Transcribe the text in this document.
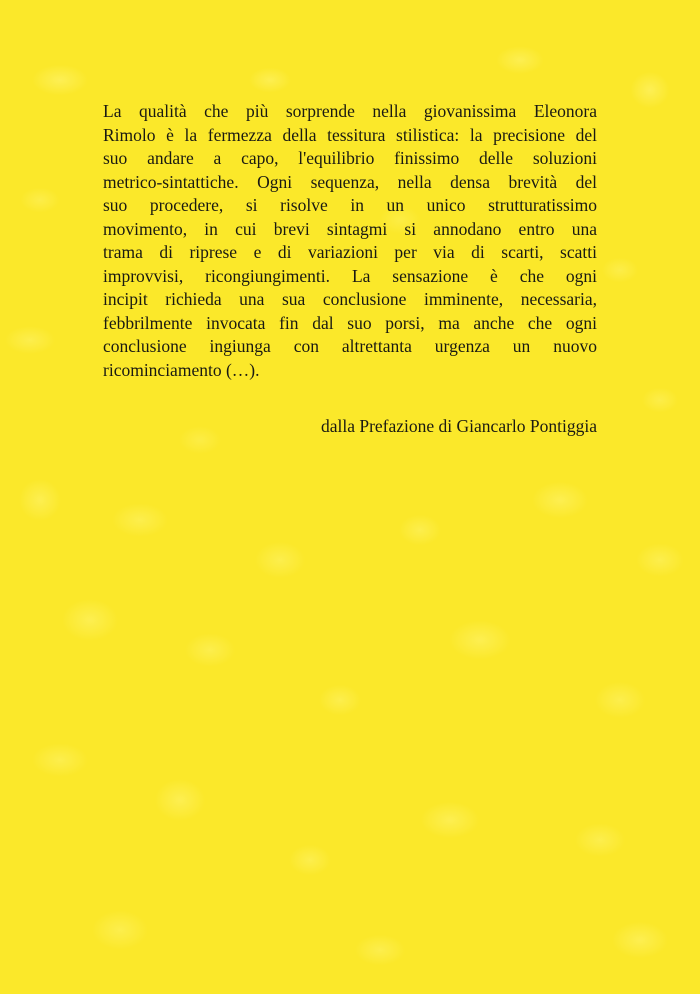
La qualità che più sorprende nella giovanissima Eleonora
Rimolo è la fermezza della tessitura stilistica: la precisione del
suo andare a capo, l'equilibrio finissimo delle soluzioni
metrico-sintattiche. Ogni sequenza, nella densa brevità del
suo procedere, si risolve in un unico strutturatissimo
movimento, in cui brevi sintagmi si annodano entro una
trama di riprese e di variazioni per via di scarti, scatti
improvvisi, ricongiungimenti. La sensazione è che ogni
incipit richieda una sua conclusione imminente, necessaria,
febbrilmente invocata fin dal suo porsi, ma anche che ogni
conclusione ingiunga con altrettanta urgenza un nuovo
ricominciamento (…).

dalla Prefazione di Giancarlo Pontiggia
